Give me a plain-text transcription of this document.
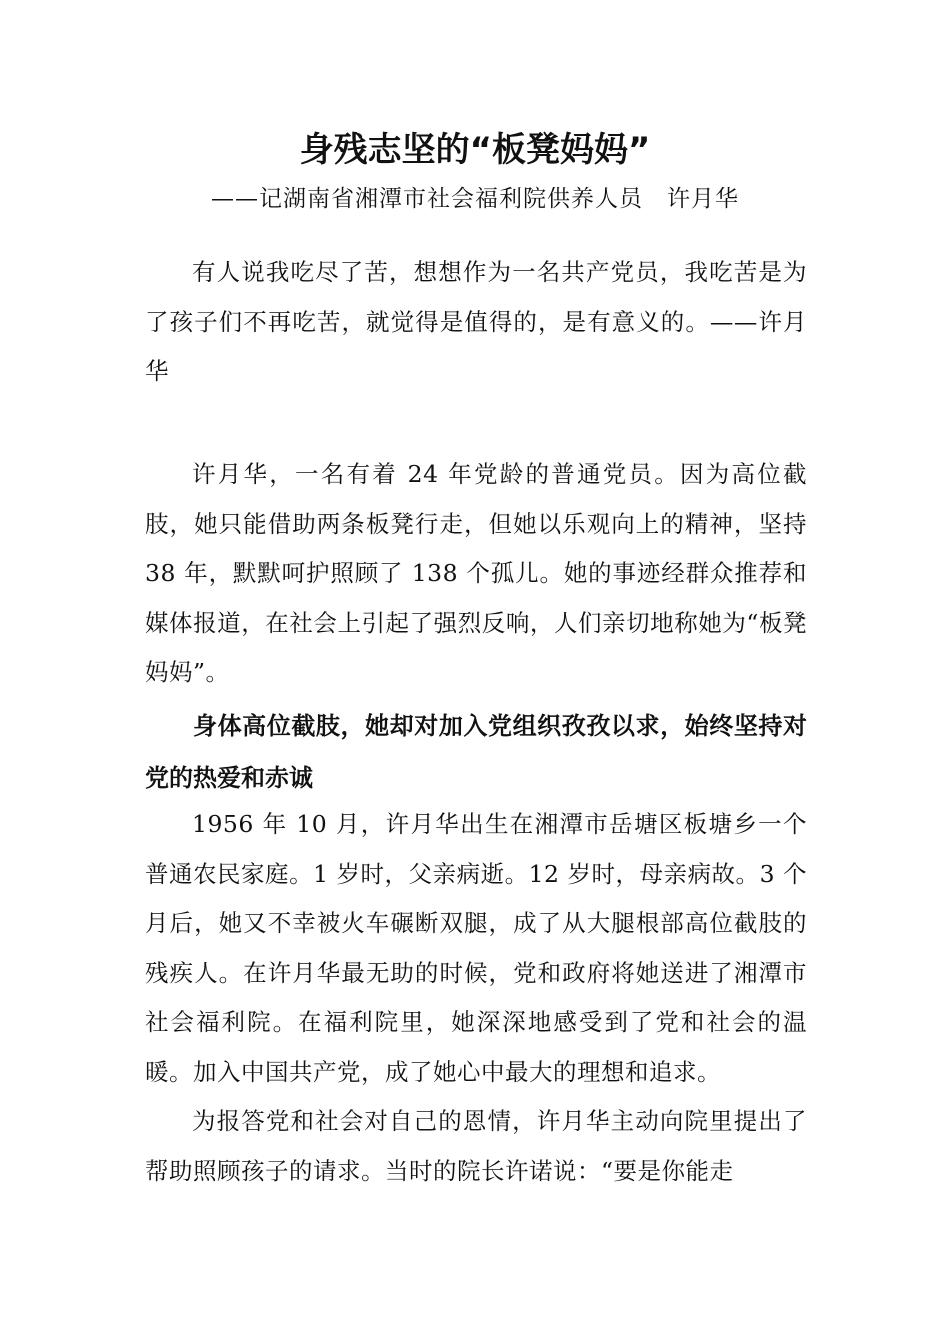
身残志坚的“板凳妈妈”

——记湖南省湘潭市社会福利院供养人员　许月华

有人说我吃尽了苦，想想作为一名共产党员，我吃苦是为了孩子们不再吃苦，就觉得是值得的，是有意义的。——许月华

许月华，一名有着 24 年党龄的普通党员。因为高位截肢，她只能借助两条板凳行走，但她以乐观向上的精神，坚持 38 年，默默呵护照顾了 138 个孤儿。她的事迹经群众推荐和媒体报道，在社会上引起了强烈反响，人们亲切地称她为“板凳妈妈”。

身体高位截肢，她却对加入党组织孜孜以求，始终坚持对党的热爱和赤诚

1956 年 10 月，许月华出生在湘潭市岳塘区板塘乡一个普通农民家庭。1 岁时，父亲病逝。12 岁时，母亲病故。3 个月后，她又不幸被火车碾断双腿，成了从大腿根部高位截肢的残疾人。在许月华最无助的时候，党和政府将她送进了湘潭市社会福利院。在福利院里，她深深地感受到了党和社会的温暖。加入中国共产党，成了她心中最大的理想和追求。

为报答党和社会对自己的恩情，许月华主动向院里提出了帮助照顾孩子的请求。当时的院长许诺说：“要是你能走
